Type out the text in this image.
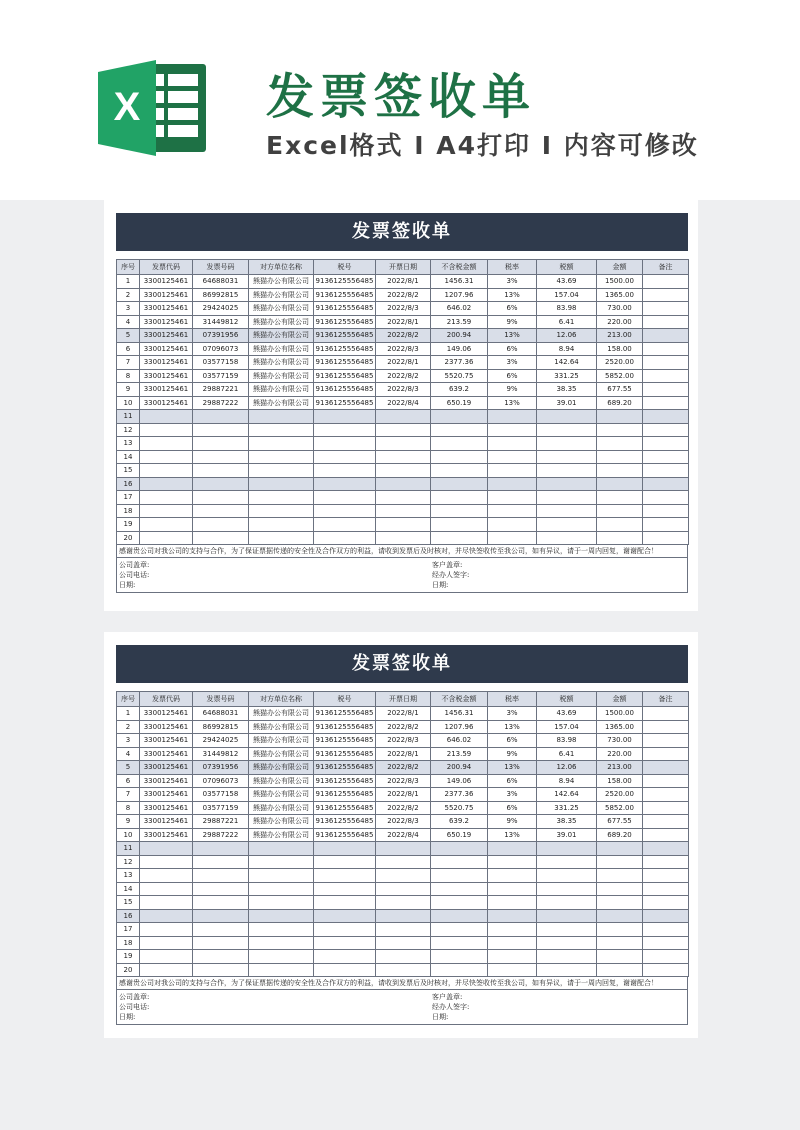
X	发票签收单
Excel格式 Ⅰ A4打印 Ⅰ 内容可修改
发票签收单
序号	发票代码	发票号码	对方单位名称	税号	开票日期	不含税金额	税率	税额	金额	备注
1	3300125461	64688031	熊猫办公有限公司	9136125556485	2022/8/1	1456.31	3%	43.69	1500.00	
2	3300125461	86992815	熊猫办公有限公司	9136125556485	2022/8/2	1207.96	13%	157.04	1365.00	
3	3300125461	29424025	熊猫办公有限公司	9136125556485	2022/8/3	646.02	6%	83.98	730.00	
4	3300125461	31449812	熊猫办公有限公司	9136125556485	2022/8/1	213.59	9%	6.41	220.00	
5	3300125461	07391956	熊猫办公有限公司	9136125556485	2022/8/2	200.94	13%	12.06	213.00	
6	3300125461	07096073	熊猫办公有限公司	9136125556485	2022/8/3	149.06	6%	8.94	158.00	
7	3300125461	03577158	熊猫办公有限公司	9136125556485	2022/8/1	2377.36	3%	142.64	2520.00	
8	3300125461	03577159	熊猫办公有限公司	9136125556485	2022/8/2	5520.75	6%	331.25	5852.00	
9	3300125461	29887221	熊猫办公有限公司	9136125556485	2022/8/3	639.2	9%	38.35	677.55	
10	3300125461	29887222	熊猫办公有限公司	9136125556485	2022/8/4	650.19	13%	39.01	689.20	
11										
12										
13										
14										
15										
16										
17										
18										
19										
20										
感谢贵公司对我公司的支持与合作，为了保证票据传递的安全性及合作双方的利益，请收到发票后及时核对，并尽快签收传至我公司，如有异议，请于一周内回复，谢谢配合！
公司盖章:
公司电话:
日期:
客户盖章:
经办人签字:
日期:
发票签收单
序号	发票代码	发票号码	对方单位名称	税号	开票日期	不含税金额	税率	税额	金额	备注
1	3300125461	64688031	熊猫办公有限公司	9136125556485	2022/8/1	1456.31	3%	43.69	1500.00	
2	3300125461	86992815	熊猫办公有限公司	9136125556485	2022/8/2	1207.96	13%	157.04	1365.00	
3	3300125461	29424025	熊猫办公有限公司	9136125556485	2022/8/3	646.02	6%	83.98	730.00	
4	3300125461	31449812	熊猫办公有限公司	9136125556485	2022/8/1	213.59	9%	6.41	220.00	
5	3300125461	07391956	熊猫办公有限公司	9136125556485	2022/8/2	200.94	13%	12.06	213.00	
6	3300125461	07096073	熊猫办公有限公司	9136125556485	2022/8/3	149.06	6%	8.94	158.00	
7	3300125461	03577158	熊猫办公有限公司	9136125556485	2022/8/1	2377.36	3%	142.64	2520.00	
8	3300125461	03577159	熊猫办公有限公司	9136125556485	2022/8/2	5520.75	6%	331.25	5852.00	
9	3300125461	29887221	熊猫办公有限公司	9136125556485	2022/8/3	639.2	9%	38.35	677.55	
10	3300125461	29887222	熊猫办公有限公司	9136125556485	2022/8/4	650.19	13%	39.01	689.20	
11										
12										
13										
14										
15										
16										
17										
18										
19										
20										
感谢贵公司对我公司的支持与合作，为了保证票据传递的安全性及合作双方的利益，请收到发票后及时核对，并尽快签收传至我公司，如有异议，请于一周内回复，谢谢配合！
公司盖章:
公司电话:
日期:
客户盖章:
经办人签字:
日期:
